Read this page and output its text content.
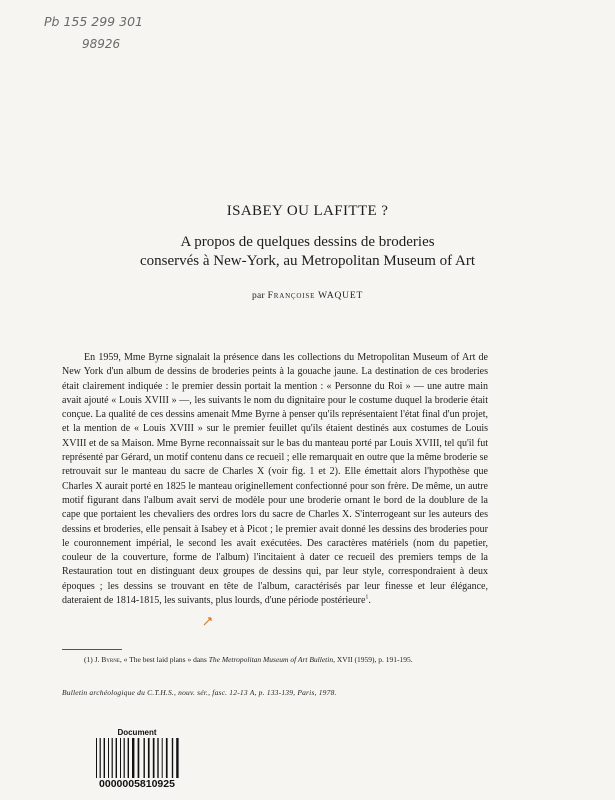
Pb 155 299 301
98926
ISABEY OU LAFITTE ?
A propos de quelques dessins de broderies
conservés à New-York, au Metropolitan Museum of Art
par Françoise WAQUET

En 1959, Mme Byrne signalait la présence dans les collections du Metropolitan Museum of Art de New York d'un album de dessins de broderies peints à la gouache jaune. La destination de ces broderies était clairement indiquée : le premier dessin portait la mention : « Personne du Roi » — une autre main avait ajouté « Louis XVIII » —, les suivants le nom du dignitaire pour le costume duquel la broderie était conçue. La qualité de ces dessins amenait Mme Byrne à penser qu'ils représentaient l'état final d'un projet, et la mention de « Louis XVIII » sur le premier feuillet qu'ils étaient destinés aux costumes de Louis XVIII et de sa Maison. Mme Byrne reconnaissait sur le bas du manteau porté par Louis XVIII, tel qu'il fut représenté par Gérard, un motif contenu dans ce recueil ; elle remarquait en outre que la même broderie se retrouvait sur le manteau du sacre de Charles X (voir fig. 1 et 2). Elle émettait alors l'hypothèse que Charles X aurait porté en 1825 le manteau originellement confectionné pour son frère. De même, un autre motif figurant dans l'album avait servi de modèle pour une broderie ornant le bord de la doublure de la cape que portaient les chevaliers des ordres lors du sacre de Charles X. S'interrogeant sur les auteurs des dessins et broderies, elle pensait à Isabey et à Picot ; le premier avait donné les dessins des broderies pour le couronnement impérial, le second les avait exécutées. Des caractères matériels (nom du papetier, couleur de la couverture, forme de l'album) l'incitaient à dater ce recueil des premiers temps de la Restauration tout en distinguant deux groupes de dessins qui, par leur style, correspondraient à deux époques ; les dessins se trouvant en tête de l'album, caractérisés par leur finesse et leur élégance, dateraient de 1814-1815, les suivants, plus lourds, d'une période postérieure$^1$.

(1) J. Byrne, « The best laid plans » dans The Metropolitan Museum of Art Bulletin, XVII (1959), p. 191-195.

Bulletin archéologique du C.T.H.S., nouv. sér., fasc. 12-13 A, p. 133-139, Paris, 1978.
Document
0000005810925
